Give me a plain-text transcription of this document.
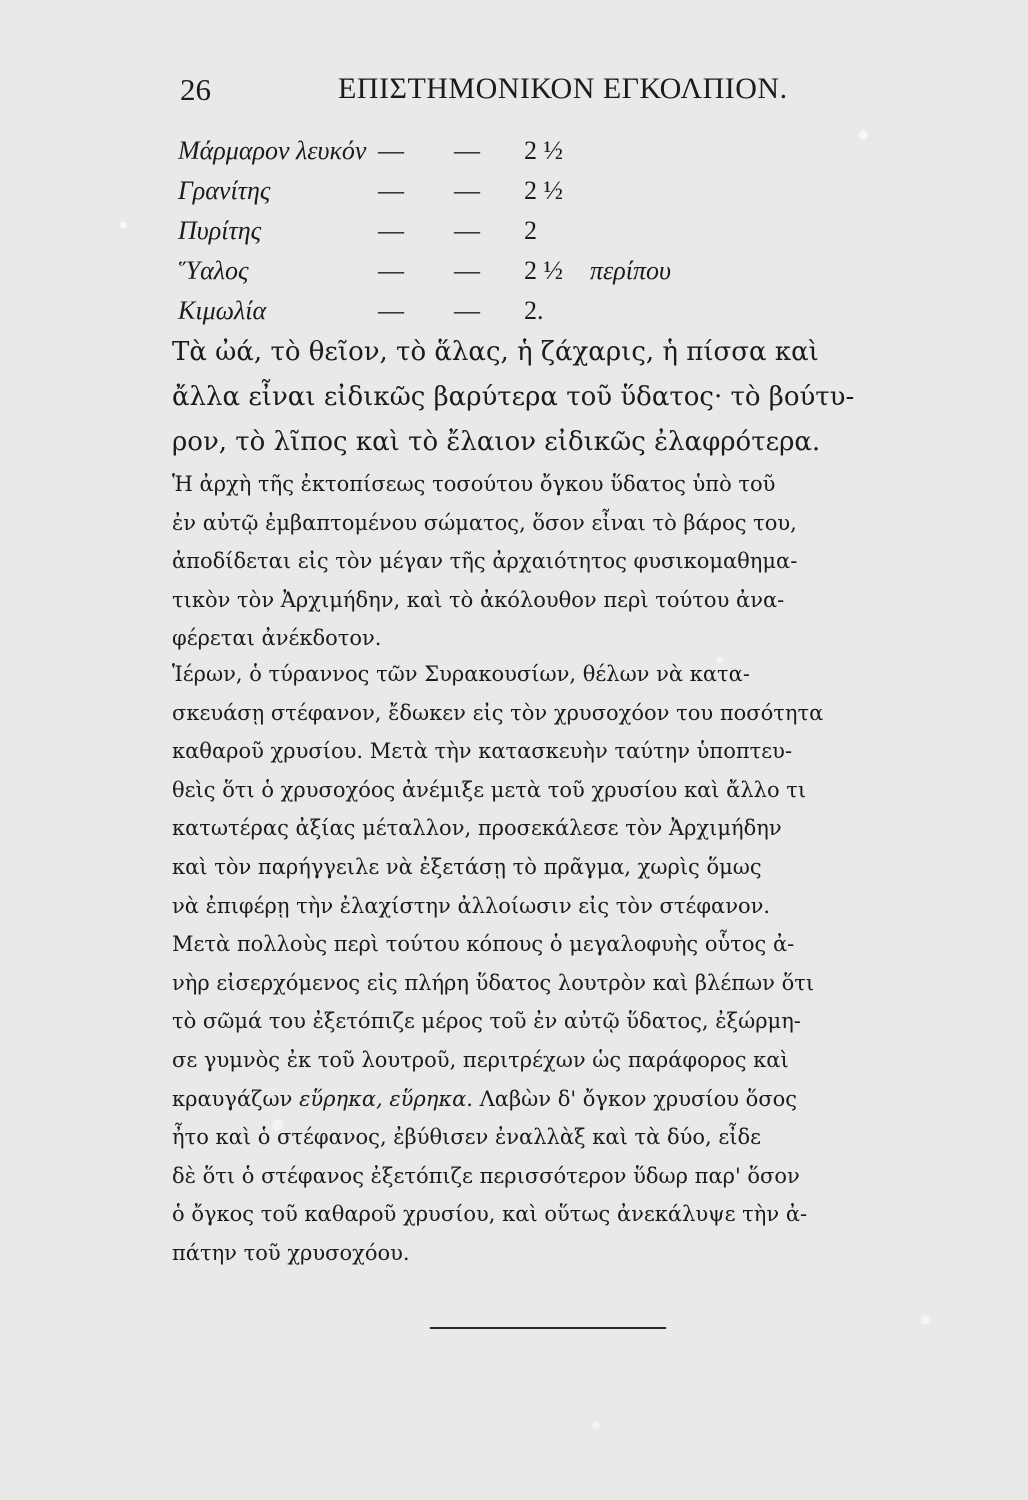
26	ΕΠΙΣΤΗΜΟΝΙΚΟΝ ΕΓΚΟΛΠΙΟΝ.
Μάρμαρον λευκόν — — 2 ½
Γρανίτης	— — 2 ½
Πυρίτης	— — 2
Ὕαλος	— — 2 ½ περίπου
Κιμωλία	— — 2.

Τὰ ὠά, τὸ θεῖον, τὸ ἅλας, ἡ ζάχαρις, ἡ πίσσα καὶ
ἄλλα εἶναι εἰδικῶς βαρύτερα τοῦ ὕδατος· τὸ βούτυ-
ρον, τὸ λῖπος καὶ τὸ ἔλαιον εἰδικῶς ἐλαφρότερα.

Ἡ ἀρχὴ τῆς ἐκτοπίσεως τοσούτου ὄγκου ὕδατος ὑπὸ τοῦ
ἐν αὐτῷ ἐμβαπτομένου σώματος, ὅσον εἶναι τὸ βάρος του,
ἀποδίδεται εἰς τὸν μέγαν τῆς ἀρχαιότητος φυσικομαθημα-
τικὸν τὸν Ἀρχιμήδην, καὶ τὸ ἀκόλουθον περὶ τούτου ἀνα-
φέρεται ἀνέκδοτον.

Ἱέρων, ὁ τύραννος τῶν Συρακουσίων, θέλων νὰ κατα-
σκευάσῃ στέφανον, ἔδωκεν εἰς τὸν χρυσοχόον του ποσότητα
καθαροῦ χρυσίου. Μετὰ τὴν κατασκευὴν ταύτην ὑποπτευ-
θεὶς ὅτι ὁ χρυσοχόος ἀνέμιξε μετὰ τοῦ χρυσίου καὶ ἄλλο τι
κατωτέρας ἀξίας μέταλλον, προσεκάλεσε τὸν Ἀρχιμήδην
καὶ τὸν παρήγγειλε νὰ ἐξετάσῃ τὸ πρᾶγμα, χωρὶς ὅμως
νὰ ἐπιφέρῃ τὴν ἐλαχίστην ἀλλοίωσιν εἰς τὸν στέφανον.
Μετὰ πολλοὺς περὶ τούτου κόπους ὁ μεγαλοφυὴς οὗτος ἀ-
νὴρ εἰσερχόμενος εἰς πλήρη ὕδατος λουτρὸν καὶ βλέπων ὅτι
τὸ σῶμά του ἐξετόπιζε μέρος τοῦ ἐν αὐτῷ ὕδατος, ἐξώρμη-
σε γυμνὸς ἐκ τοῦ λουτροῦ, περιτρέχων ὡς παράφορος καὶ
κραυγάζων εὕρηκα, εὕρηκα. Λαβὼν δ' ὄγκον χρυσίου ὅσος
ἦτο καὶ ὁ στέφανος, ἐβύθισεν ἐναλλὰξ καὶ τὰ δύο, εἶδε
δὲ ὅτι ὁ στέφανος ἐξετόπιζε περισσότερον ὕδωρ παρ' ὅσον
ὁ ὄγκος τοῦ καθαροῦ χρυσίου, καὶ οὕτως ἀνεκάλυψε τὴν ἀ-
πάτην τοῦ χρυσοχόου.
